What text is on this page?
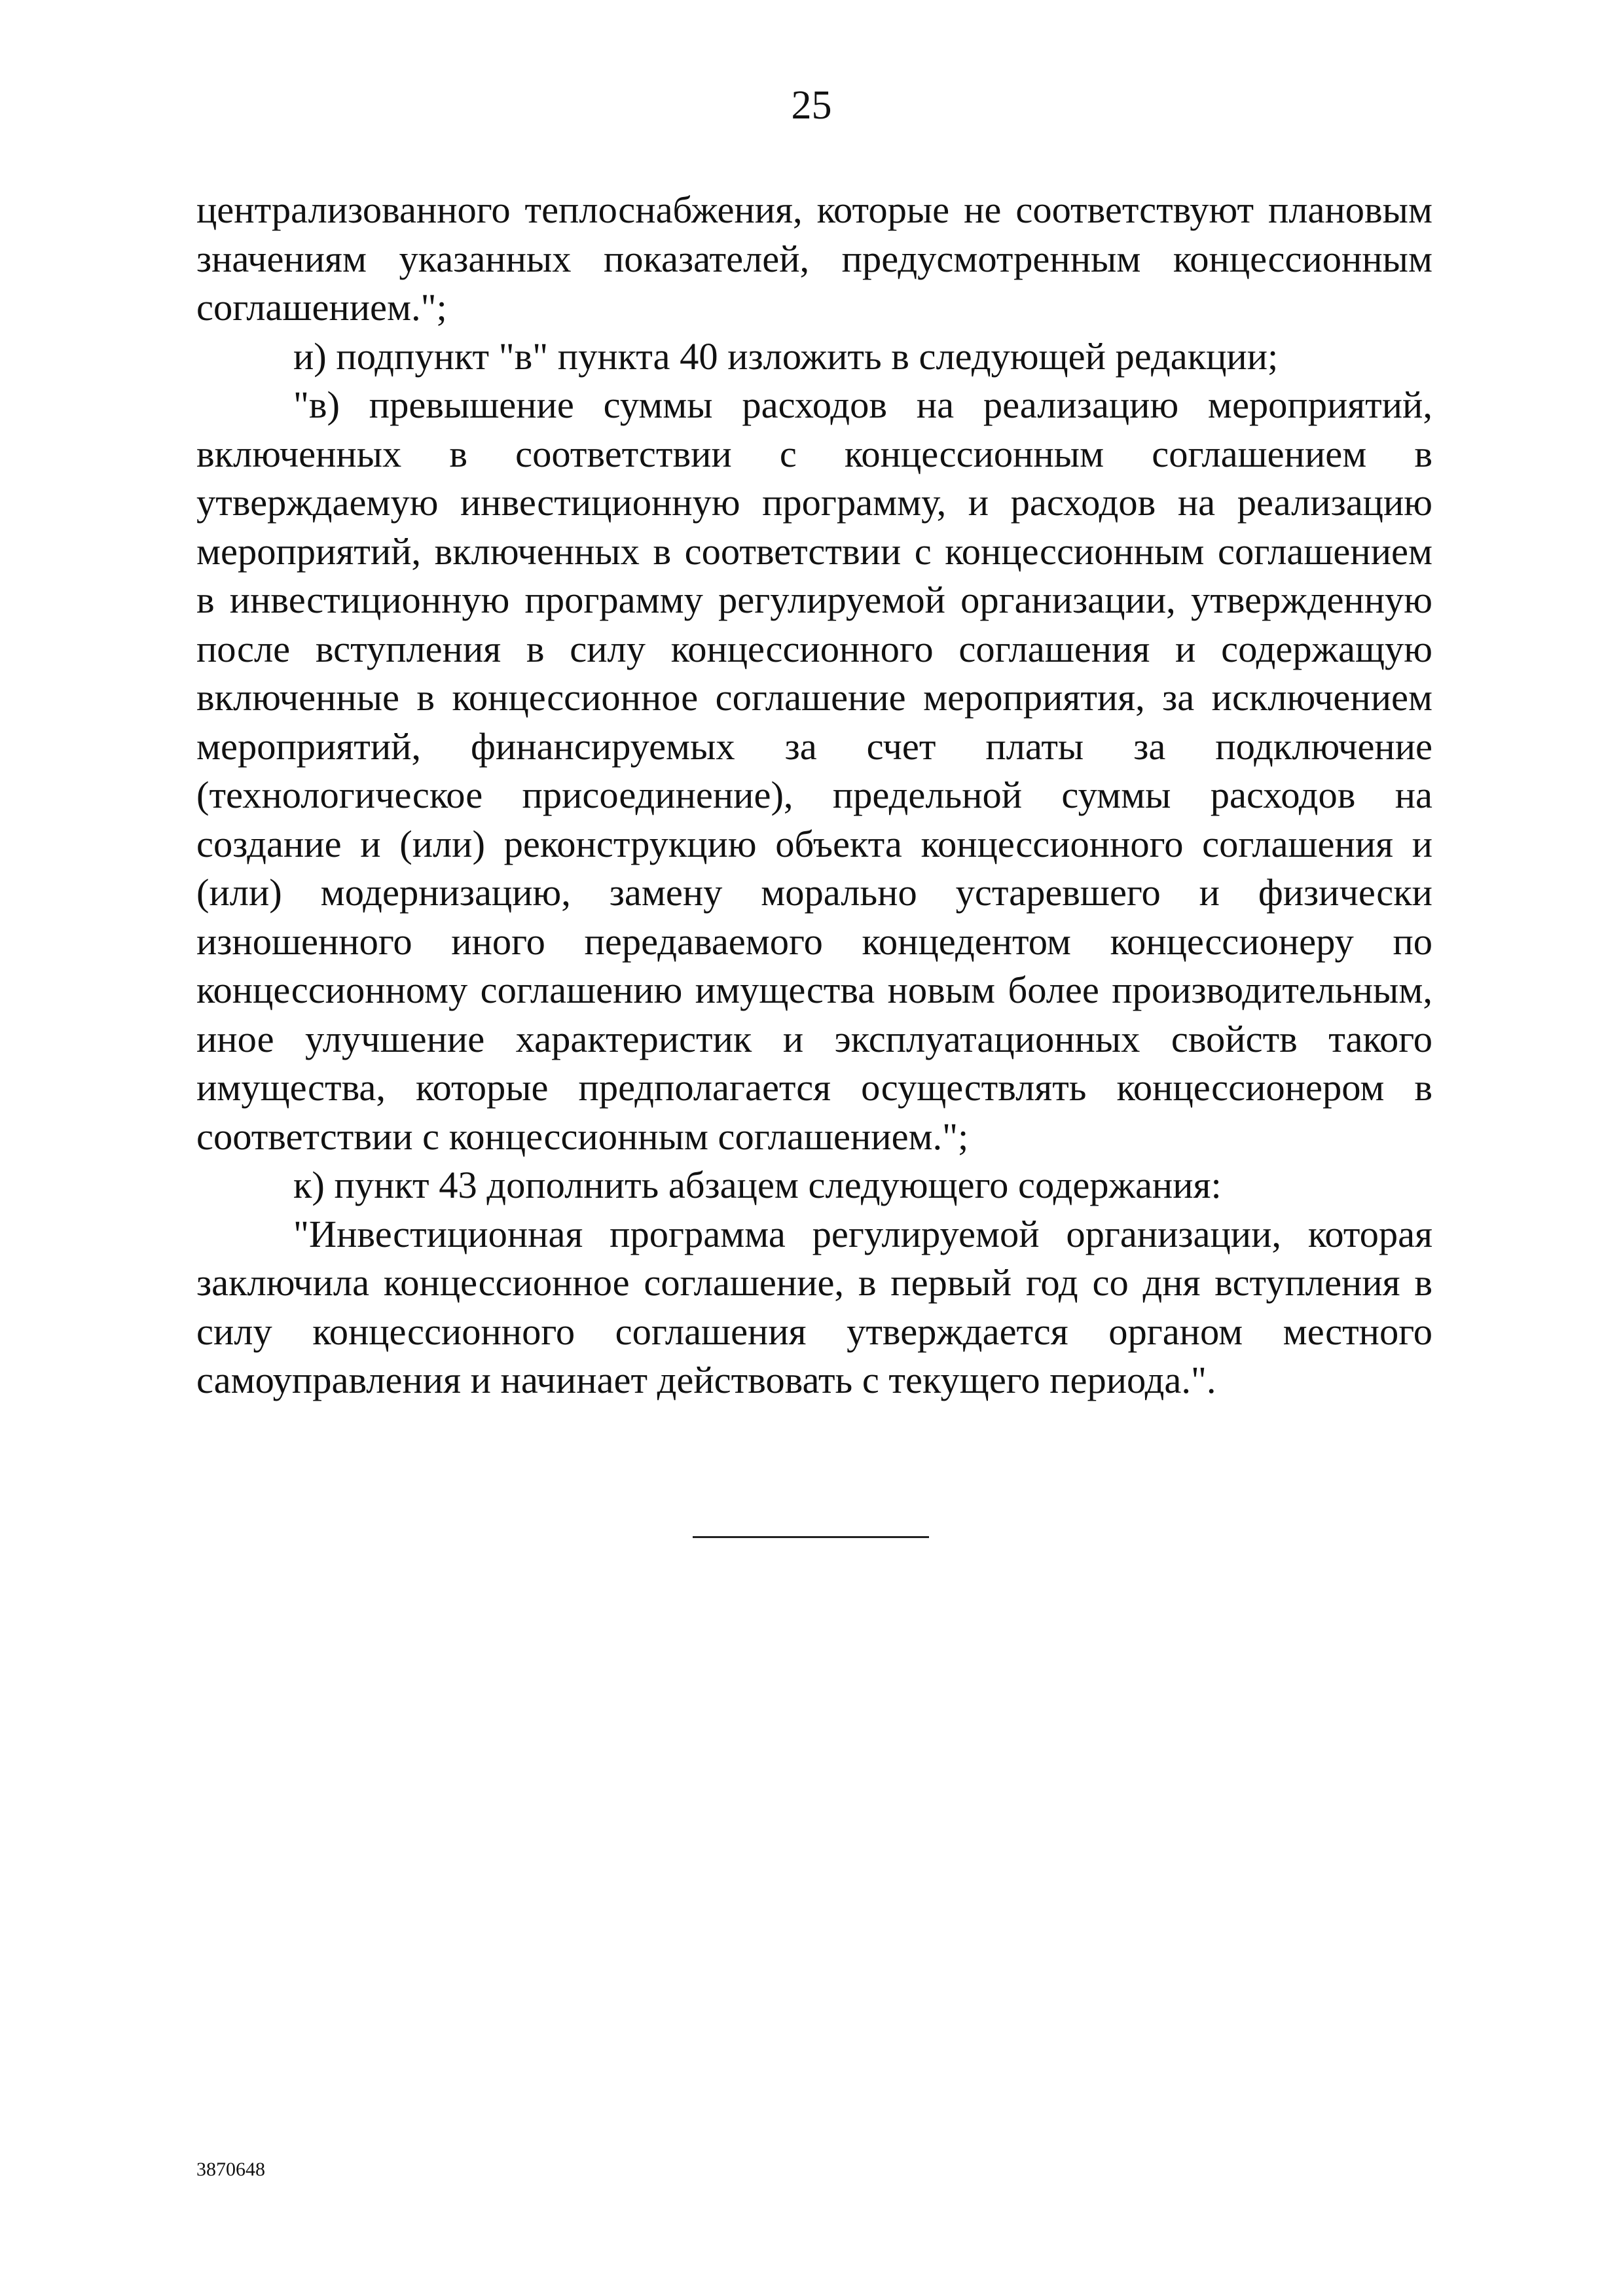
25

централизованного теплоснабжения, которые не соответствуют плановым значениям указанных показателей, предусмотренным концессионным соглашением.";

и) подпункт "в" пункта 40 изложить в следующей редакции;

"в) превышение суммы расходов на реализацию мероприятий, включенных в соответствии с концессионным соглашением в утверждаемую инвестиционную программу, и расходов на реализацию мероприятий, включенных в соответствии с концессионным соглашением в инвестиционную программу регулируемой организации, утвержденную после вступления в силу концессионного соглашения и содержащую включенные в концессионное соглашение мероприятия, за исключением мероприятий, финансируемых за счет платы за подключение (технологическое присоединение), предельной суммы расходов на создание и (или) реконструкцию объекта концессионного соглашения и (или) модернизацию, замену морально устаревшего и физически изношенного иного передаваемого концедентом концессионеру по концессионному соглашению имущества новым более производительным, иное улучшение характеристик и эксплуатационных свойств такого имущества, которые предполагается осуществлять концессионером в соответствии с концессионным соглашением.";

к) пункт 43 дополнить абзацем следующего содержания:

"Инвестиционная программа регулируемой организации, которая заключила концессионное соглашение, в первый год со дня вступления в силу концессионного соглашения утверждается органом местного самоуправления и начинает действовать с текущего периода.".

3870648
